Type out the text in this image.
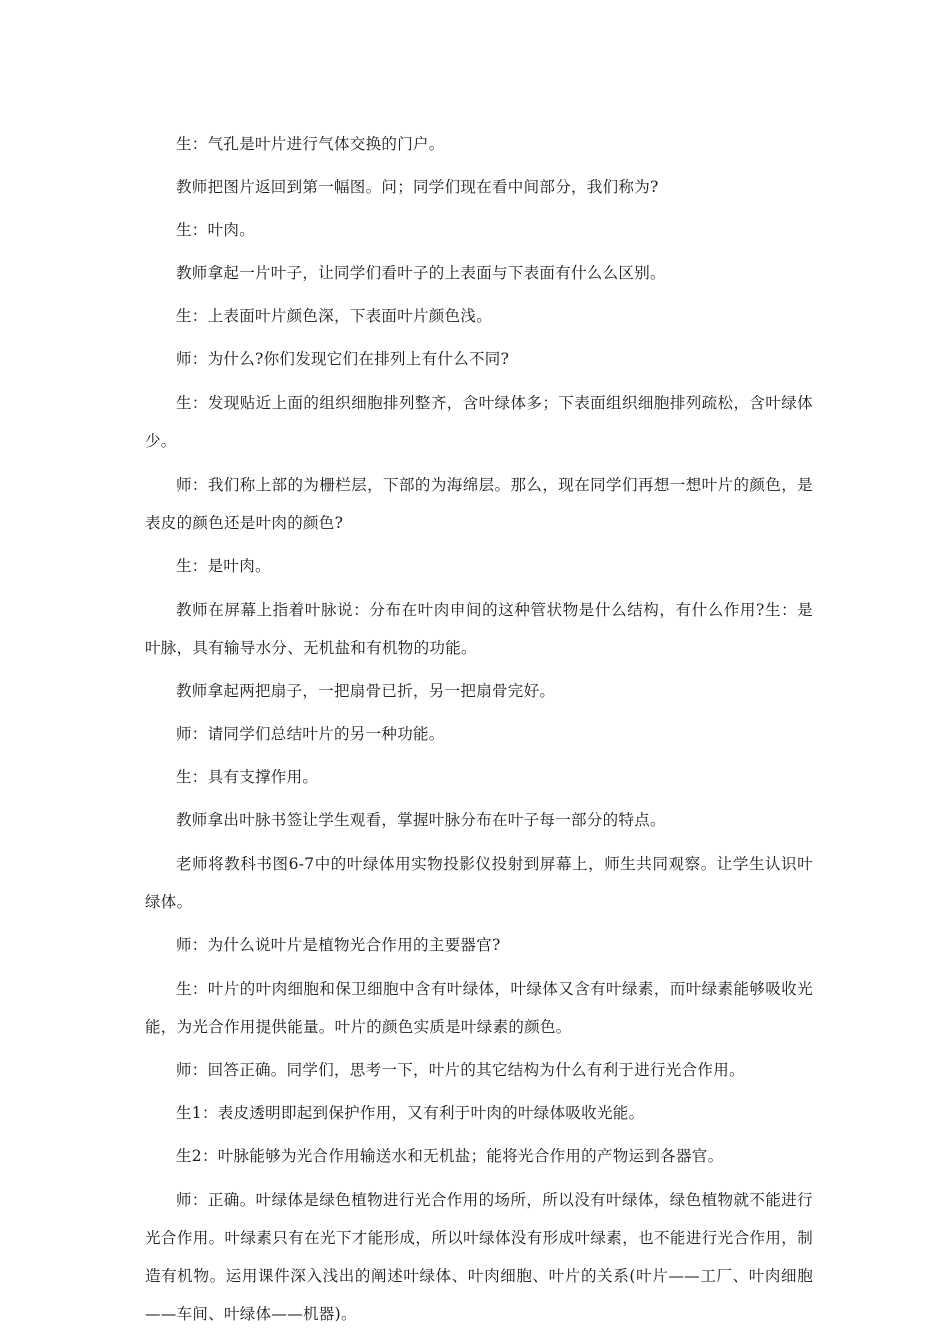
生：气孔是叶片进行气体交换的门户。

教师把图片返回到第一幅图。问；同学们现在看中间部分，我们称为?

生：叶肉。

教师拿起一片叶子，让同学们看叶子的上表面与下表面有什么么区别。

生：上表面叶片颜色深，下表面叶片颜色浅。

师：为什么?你们发现它们在排列上有什么不同?

生：发现贴近上面的组织细胞排列整齐，含叶绿体多；下表面组织细胞排列疏松，含叶绿体少。

师：我们称上部的为栅栏层，下部的为海绵层。那么，现在同学们再想一想叶片的颜色，是表皮的颜色还是叶肉的颜色?

生：是叶肉。

教师在屏幕上指着叶脉说：分布在叶肉申间的这种管状物是什么结构，有什么作用?生：是叶脉，具有输导水分、无机盐和有机物的功能。

教师拿起两把扇子，一把扇骨已折，另一把扇骨完好。

师：请同学们总结叶片的另一种功能。

生：具有支撑作用。

教师拿出叶脉书签让学生观看，掌握叶脉分布在叶子每一部分的特点。

老师将教科书图6-7中的叶绿体用实物投影仪投射到屏幕上，师生共同观察。让学生认识叶绿体。

师：为什么说叶片是植物光合作用的主要器官?

生：叶片的叶肉细胞和保卫细胞中含有叶绿体，叶绿体又含有叶绿素，而叶绿素能够吸收光能，为光合作用提供能量。叶片的颜色实质是叶绿素的颜色。

师：回答正确。同学们，思考一下，叶片的其它结构为什么有利于进行光合作用。

生1：表皮透明即起到保护作用，又有利于叶肉的叶绿体吸收光能。

生2：叶脉能够为光合作用输送水和无机盐；能将光合作用的产物运到各器官。

师：正确。叶绿体是绿色植物进行光合作用的场所，所以没有叶绿体，绿色植物就不能进行光合作用。叶绿素只有在光下才能形成，所以叶绿体没有形成叶绿素，也不能进行光合作用，制造有机物。运用课件深入浅出的阐述叶绿体、叶肉细胞、叶片的关系(叶片——工厂、叶肉细胞——车间、叶绿体——机器)。
